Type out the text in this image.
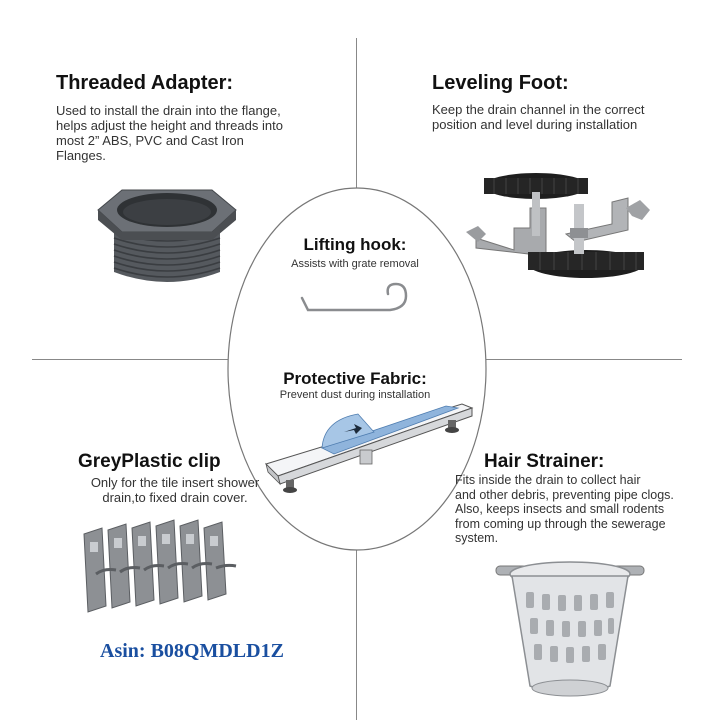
Threaded Adapter:
Used to install the drain into the flange,
helps adjust the height and threads into
most 2” ABS, PVC and Cast Iron
Flanges.
Leveling Foot:
Keep the drain channel in the correct
position and level during installation
Lifting hook:
Assists with grate removal
Protective Fabric:
Prevent dust during installation
GreyPlastic clip
Only for the tile insert shower
drain,to fixed drain cover.
Asin: B08QMDLD1Z
Hair Strainer:
Fits inside the drain to collect hair
and other debris, preventing pipe clogs.
Also, keeps insects and small rodents
from coming up through the sewerage
system.
